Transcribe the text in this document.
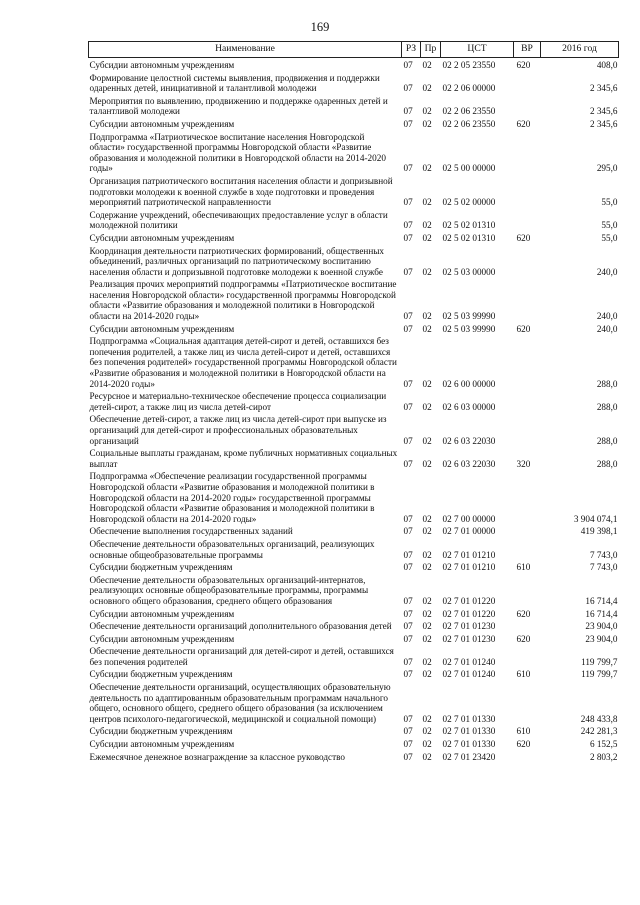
169
Наименование	РЗ	Пр	ЦСТ	ВР	2016 год
Субсидии автономным учреждениям	07	02	02 2 05 23550	620	408,0
Формирование целостной системы выявления, продвижения и поддержки одаренных детей, инициативной и талантливой молодежи	07	02	02 2 06 00000		2 345,6
Мероприятия по выявлению, продвижению и поддержке одаренных детей и талантливой молодежи	07	02	02 2 06 23550		2 345,6
Субсидии автономным учреждениям	07	02	02 2 06 23550	620	2 345,6
Подпрограмма «Патриотическое воспитание населения Новгородской области» государственной программы Новгородской области «Развитие образования и молодежной политики в Новгородской области на 2014-2020 годы»	07	02	02 5 00 00000		295,0
Организация патриотического воспитания населения области и допризывной подготовки молодежи к военной службе в ходе подготовки и проведения мероприятий патриотической направленности	07	02	02 5 02 00000		55,0
Содержание учреждений, обеспечивающих предоставление услуг в области молодежной политики	07	02	02 5 02 01310		55,0
Субсидии автономным учреждениям	07	02	02 5 02 01310	620	55,0
Координация деятельности патриотических формирований, общественных объединений, различных организаций по патриотическому воспитанию населения области и допризывной подготовке молодежи к военной службе	07	02	02 5 03 00000		240,0
Реализация прочих мероприятий подпрограммы «Патриотическое воспитание населения Новгородской области» государственной программы Новгородской области «Развитие образования и молодежной политики в Новгородской области на 2014-2020 годы»	07	02	02 5 03 99990		240,0
Субсидии автономным учреждениям	07	02	02 5 03 99990	620	240,0
Подпрограмма «Социальная адаптация детей-сирот и детей, оставшихся без попечения родителей, а также лиц из числа детей-сирот и детей, оставшихся без попечения родителей» государственной программы Новгородской области «Развитие образования и молодежной политики в Новгородской области на 2014-2020 годы»	07	02	02 6 00 00000		288,0
Ресурсное и материально-техническое обеспечение процесса социализации детей-сирот, а также лиц из числа детей-сирот	07	02	02 6 03 00000		288,0
Обеспечение детей-сирот, а также лиц из числа детей-сирот при выпуске из организаций для детей-сирот и профессиональных образовательных организаций	07	02	02 6 03 22030		288,0
Социальные выплаты гражданам, кроме публичных нормативных социальных выплат	07	02	02 6 03 22030	320	288,0
Подпрограмма «Обеспечение реализации государственной программы Новгородской области «Развитие образования и молодежной политики в Новгородской области на 2014-2020 годы» государственной программы Новгородской области «Развитие образования и молодежной политики в Новгородской области на 2014-2020 годы»	07	02	02 7 00 00000		3 904 074,1
Обеспечение выполнения государственных заданий	07	02	02 7 01 00000		419 398,1
Обеспечение деятельности образовательных организаций, реализующих основные общеобразовательные программы	07	02	02 7 01 01210		7 743,0
Субсидии бюджетным учреждениям	07	02	02 7 01 01210	610	7 743,0
Обеспечение деятельности образовательных организаций-интернатов, реализующих основные общеобразовательные программы, программы основного общего образования, среднего общего образования	07	02	02 7 01 01220		16 714,4
Субсидии автономным учреждениям	07	02	02 7 01 01220	620	16 714,4
Обеспечение деятельности организаций дополнительного образования детей	07	02	02 7 01 01230		23 904,0
Субсидии автономным учреждениям	07	02	02 7 01 01230	620	23 904,0
Обеспечение деятельности организаций для детей-сирот и детей, оставшихся без попечения родителей	07	02	02 7 01 01240		119 799,7
Субсидии бюджетным учреждениям	07	02	02 7 01 01240	610	119 799,7
Обеспечение деятельности организаций, осуществляющих образовательную деятельность по адаптированным образовательным программам начального общего, основного общего, среднего общего образования (за исключением центров психолого-педагогической, медицинской и социальной помощи)	07	02	02 7 01 01330		248 433,8
Субсидии бюджетным учреждениям	07	02	02 7 01 01330	610	242 281,3
Субсидии автономным учреждениям	07	02	02 7 01 01330	620	6 152,5
Ежемесячное денежное вознаграждение за классное руководство	07	02	02 7 01 23420		2 803,2
